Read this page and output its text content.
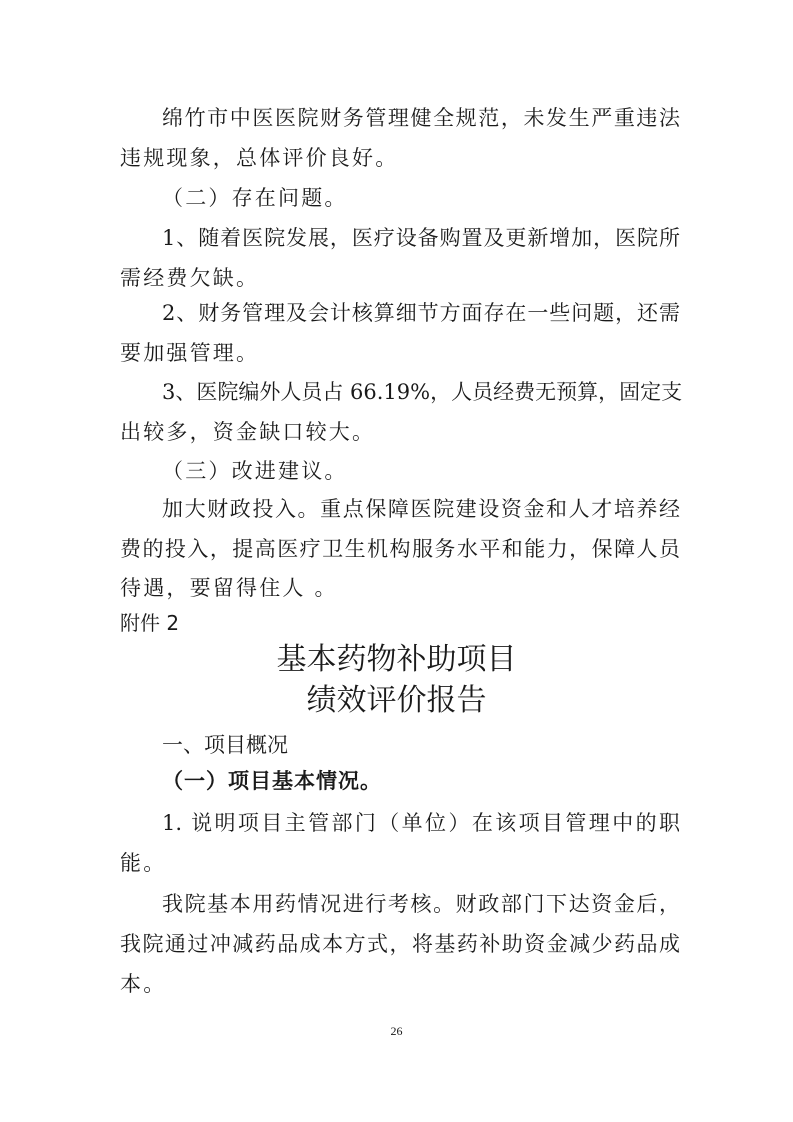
绵竹市中医医院财务管理健全规范，未发生严重违法
违规现象，总体评价良好。
（二）存在问题。
1、随着医院发展，医疗设备购置及更新增加，医院所
需经费欠缺。
2、财务管理及会计核算细节方面存在一些问题，还需
要加强管理。
3、医院编外人员占 66.19%，人员经费无预算，固定支
出较多，资金缺口较大。
（三）改进建议。
加大财政投入。重点保障医院建设资金和人才培养经
费的投入，提高医疗卫生机构服务水平和能力，保障人员
待遇，要留得住人 。
附件 2
基本药物补助项目
绩效评价报告
一、项目概况
（一）项目基本情况。
1. 说明项目主管部门（单位）在该项目管理中的职
能。
我院基本用药情况进行考核。财政部门下达资金后，
我院通过冲减药品成本方式，将基药补助资金减少药品成
本。
26
